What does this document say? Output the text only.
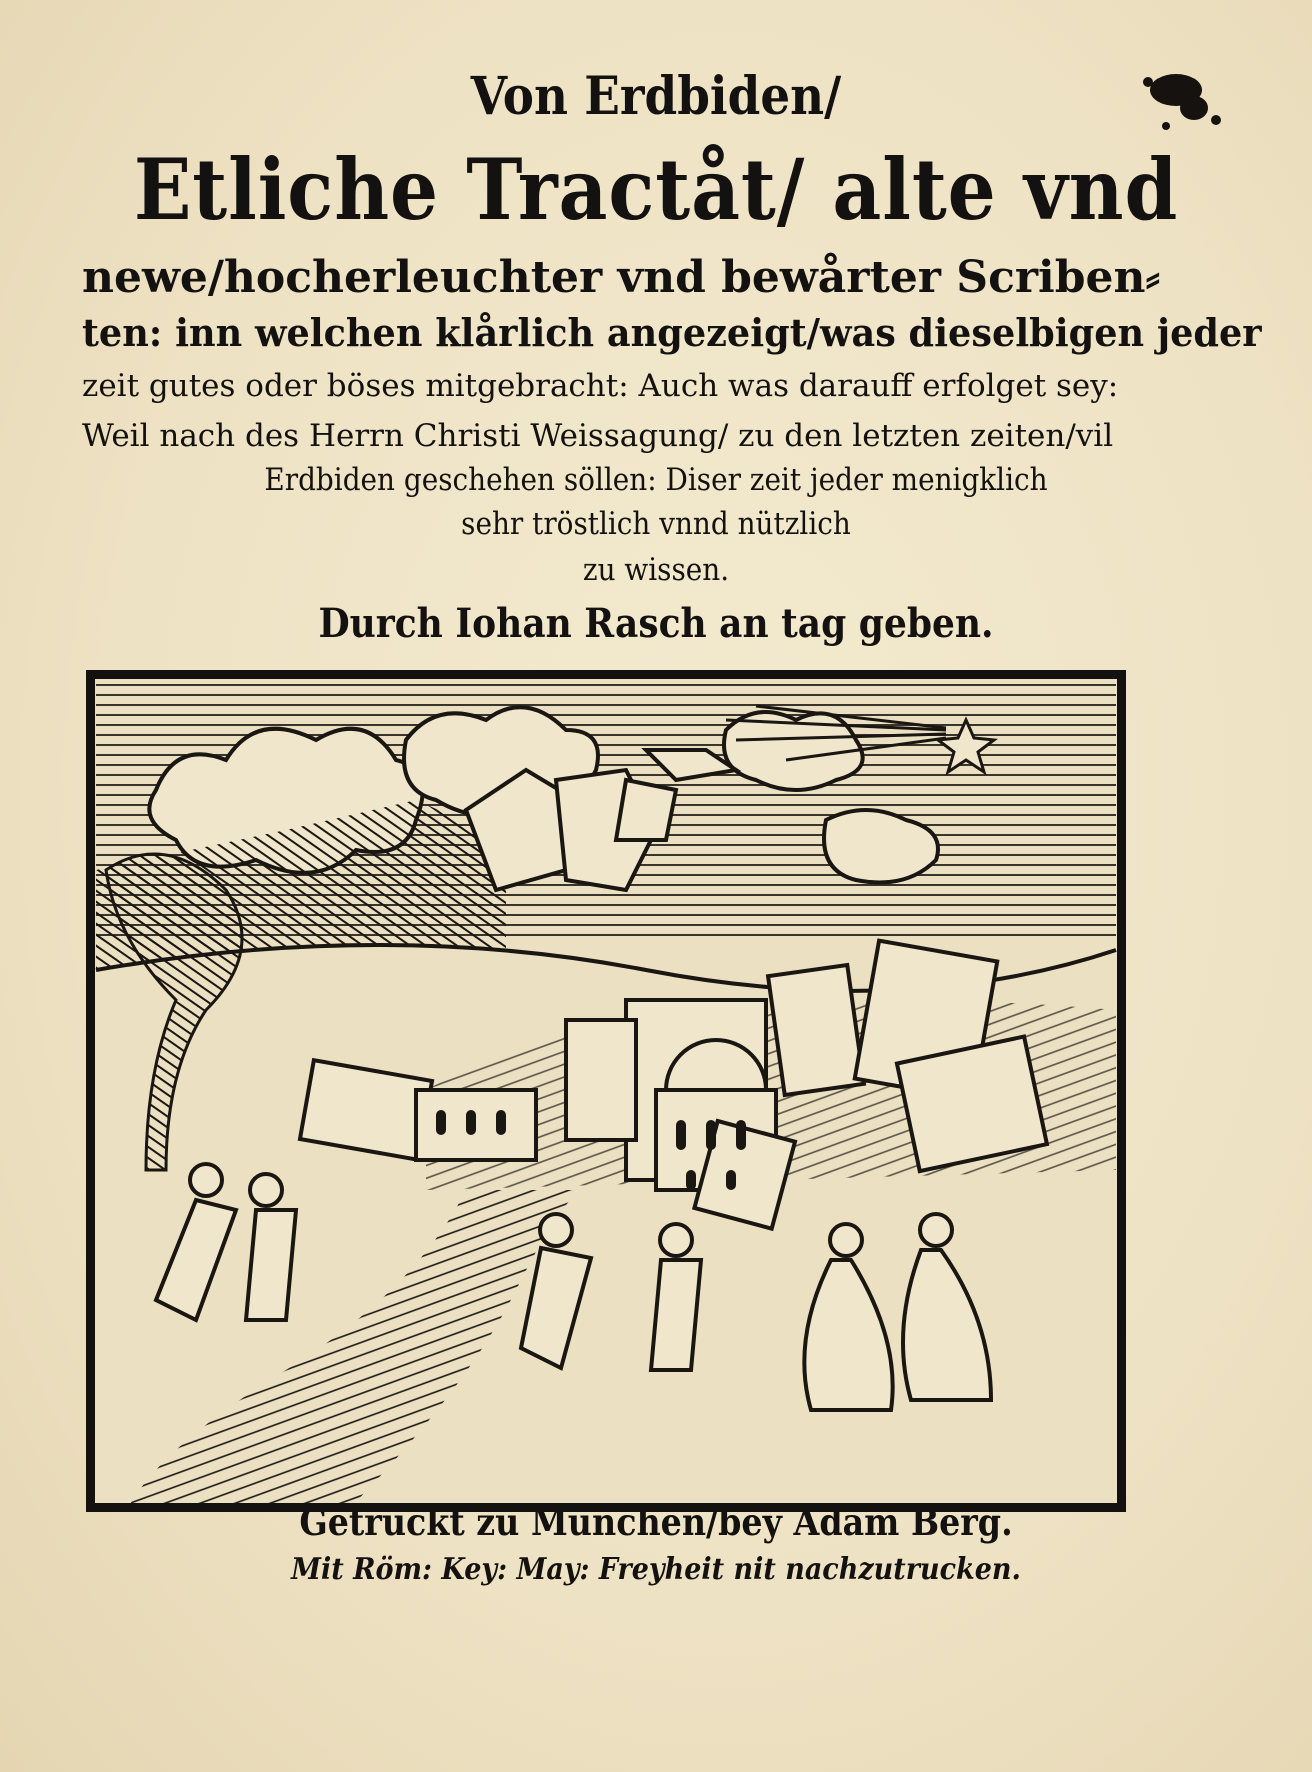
Von Erdbiden/
Etliche Tractåt/ alte vnd
newe/hocherleuchter vnd bewårter Scriben⸗
ten: inn welchen klårlich angezeigt/was dieselbigen jeder
zeit gutes oder böses mitgebracht: Auch was darauff erfolget sey:
Weil nach des Herrn Christi Weissagung/ zu den letzten zeiten/vil
Erdbiden geschehen söllen: Diser zeit jeder menigklich
sehr tröstlich vnnd nützlich
zu wissen.
Durch Iohan Rasch an tag geben.
Getruckt zu München/bey Adam Berg.
Mit Röm: Key: May: Freyheit nit nachzutrucken.
